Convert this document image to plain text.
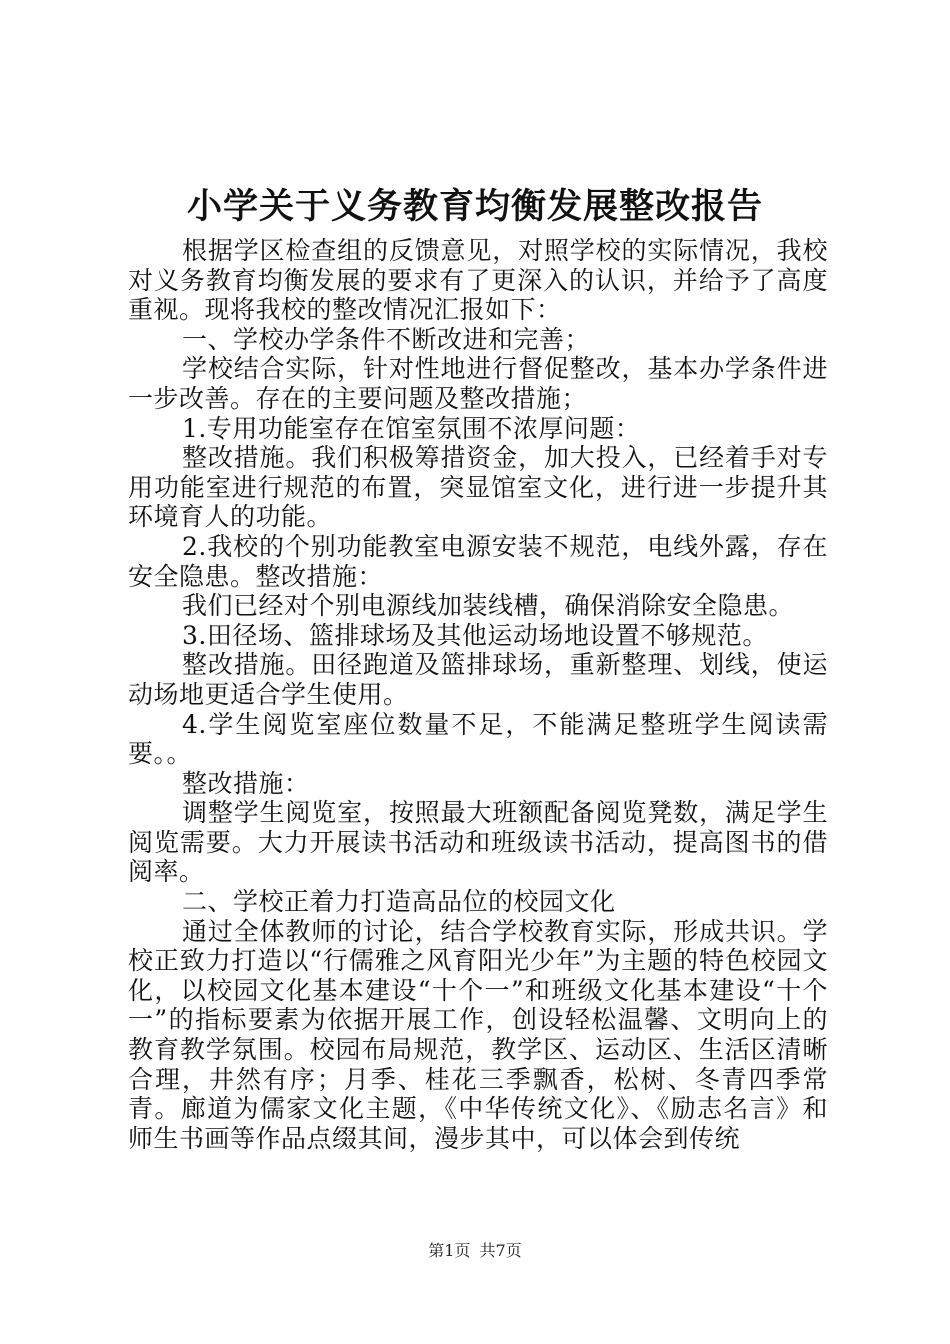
小学关于义务教育均衡发展整改报告

根据学区检查组的反馈意见，对照学校的实际情况，我校对义务教育均衡发展的要求有了更深入的认识，并给予了高度重视。现将我校的整改情况汇报如下：

一、学校办学条件不断改进和完善；

学校结合实际，针对性地进行督促整改，基本办学条件进一步改善。存在的主要问题及整改措施；

1.专用功能室存在馆室氛围不浓厚问题：

整改措施。我们积极筹措资金，加大投入，已经着手对专用功能室进行规范的布置，突显馆室文化，进行进一步提升其环境育人的功能。

2.我校的个别功能教室电源安装不规范，电线外露，存在安全隐患。整改措施：

我们已经对个别电源线加装线槽，确保消除安全隐患。

3.田径场、篮排球场及其他运动场地设置不够规范。

整改措施。田径跑道及篮排球场，重新整理、划线，使运动场地更适合学生使用。

4.学生阅览室座位数量不足，不能满足整班学生阅读需要。。

整改措施：

调整学生阅览室，按照最大班额配备阅览凳数，满足学生阅览需要。大力开展读书活动和班级读书活动，提高图书的借阅率。

二、学校正着力打造高品位的校园文化

通过全体教师的讨论，结合学校教育实际，形成共识。学校正致力打造以“行儒雅之风育阳光少年”为主题的特色校园文化，以校园文化基本建设“十个一”和班级文化基本建设“十个一”的指标要素为依据开展工作，创设轻松温馨、文明向上的教育教学氛围。校园布局规范，教学区、运动区、生活区清晰合理，井然有序；月季、桂花三季飘香，松树、冬青四季常青。廊道为儒家文化主题，《中华传统文化》、《励志名言》和师生书画等作品点缀其间，漫步其中，可以体会到传统

第1页 共7页
